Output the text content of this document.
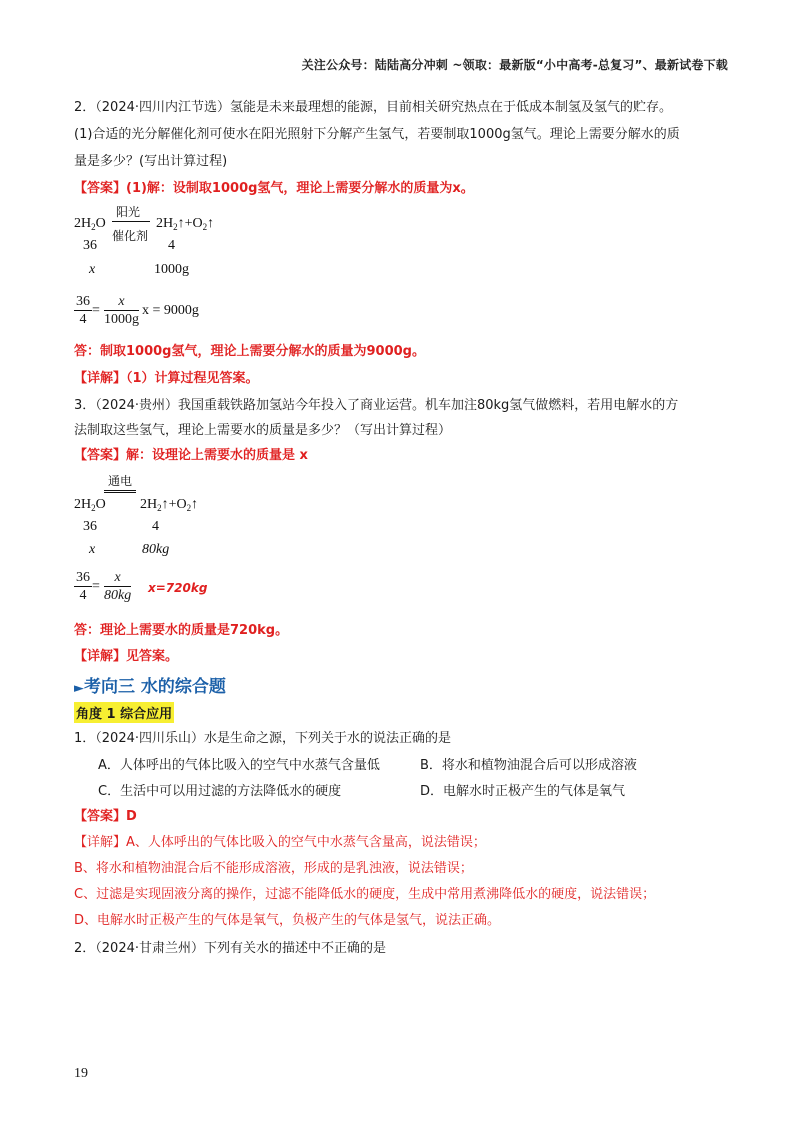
关注公众号：陆陆高分冲刺 ~领取：最新版“小中高考-总复习”、最新试卷下载
2．（2024·四川内江节选）氢能是未来最理想的能源，目前相关研究热点在于低成本制氢及氢气的贮存。
(1)合适的光分解催化剂可使水在阳光照射下分解产生氢气，若要制取1000g氢气。理论上需要分解水的质
量是多少？(写出计算过程)
【答案】(1)解：设制取1000g氢气，理论上需要分解水的质量为x。
$2H_2O$
阳光
催化剂
$2H_2↑+O_2↑$
36	4
x	1000g
$\frac{36}{4} = \frac{x}{1000g}$ x = 9000g
答：制取1000g氢气，理论上需要分解水的质量为9000g。
【详解】（1）计算过程见答案。
3．（2024·贵州）我国重载铁路加氢站今年投入了商业运营。机车加注80kg氢气做燃料，若用电解水的方
法制取这些氢气，理论上需要水的质量是多少？（写出计算过程）
【答案】解：设理论上需要水的质量是 x
通电
$2H_2O$ $2H_2↑+O_2↑$
36	4
x	80kg
$\frac{36}{4} = \frac{x}{80kg} x=720kg$
答：理论上需要水的质量是720kg。
【详解】见答案。
►考向三 水的综合题
角度 1 综合应用
1．（2024·四川乐山）水是生命之源，下列关于水的说法正确的是
A．人体呼出的气体比吸入的空气中水蒸气含量低	B．将水和植物油混合后可以形成溶液
C．生活中可以用过滤的方法降低水的硬度	D．电解水时正极产生的气体是氧气
【答案】D
【详解】A、人体呼出的气体比吸入的空气中水蒸气含量高，说法错误；
B、将水和植物油混合后不能形成溶液，形成的是乳浊液，说法错误；
C、过滤是实现固液分离的操作，过滤不能降低水的硬度，生成中常用煮沸降低水的硬度，说法错误；
D、电解水时正极产生的气体是氧气，负极产生的气体是氢气，说法正确。
2．（2024·甘肃兰州）下列有关水的描述中不正确的是
19
